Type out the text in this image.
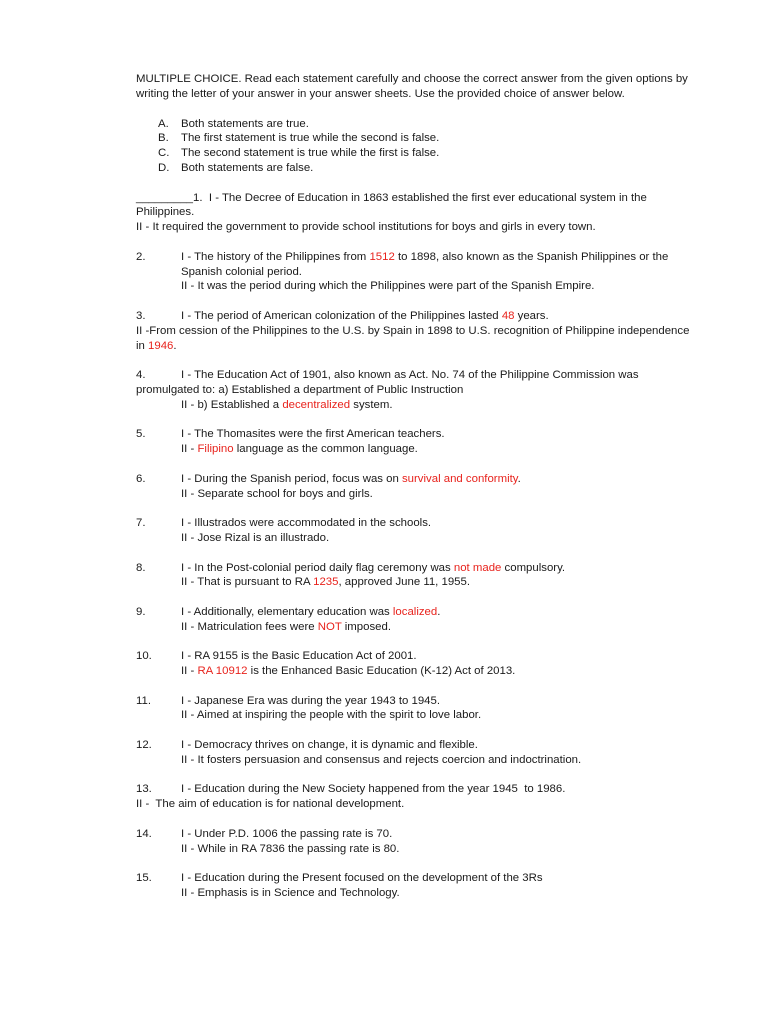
MULTIPLE CHOICE. Read each statement carefully and choose the correct answer from the given options by writing the letter of your answer in your answer sheets. Use the provided choice of answer below.

A. Both statements are true.
B. The first statement is true while the second is false.
C. The second statement is true while the first is false.
D. Both statements are false.
_________1. I - The Decree of Education in 1863 established the first ever educational system in the Philippines.
II - It required the government to provide school institutions for boys and girls in every town.
2.	I - The history of the Philippines from 1512 to 1898, also known as the Spanish Philippines or the Spanish colonial period.
II - It was the period during which the Philippines were part of the Spanish Empire.
3.	I - The period of American colonization of the Philippines lasted 48 years.
II -From cession of the Philippines to the U.S. by Spain in 1898 to U.S. recognition of Philippine independence in 1946.
4.	I - The Education Act of 1901, also known as Act. No. 74 of the Philippine Commission was promulgated to: a) Established a department of Public Instruction
II - b) Established a decentralized system.
5.	I - The Thomasites were the first American teachers.
II - Filipino language as the common language.
6.	I - During the Spanish period, focus was on survival and conformity.
II - Separate school for boys and girls.
7.	I - Illustrados were accommodated in the schools.
II - Jose Rizal is an illustrado.
8.	I - In the Post-colonial period daily flag ceremony was not made compulsory.
II - That is pursuant to RA 1235, approved June 11, 1955.
9.	I - Additionally, elementary education was localized.
II - Matriculation fees were NOT imposed.
10.	I - RA 9155 is the Basic Education Act of 2001.
II - RA 10912 is the Enhanced Basic Education (K-12) Act of 2013.
11.	I - Japanese Era was during the year 1943 to 1945.
II - Aimed at inspiring the people with the spirit to love labor.
12.	I - Democracy thrives on change, it is dynamic and flexible.
II - It fosters persuasion and consensus and rejects coercion and indoctrination.
13.	I - Education during the New Society happened from the year 1945  to 1986.
II -  The aim of education is for national development.
14.	I - Under P.D. 1006 the passing rate is 70.
II - While in RA 7836 the passing rate is 80.
15.	I - Education during the Present focused on the development of the 3Rs
II - Emphasis is in Science and Technology.
